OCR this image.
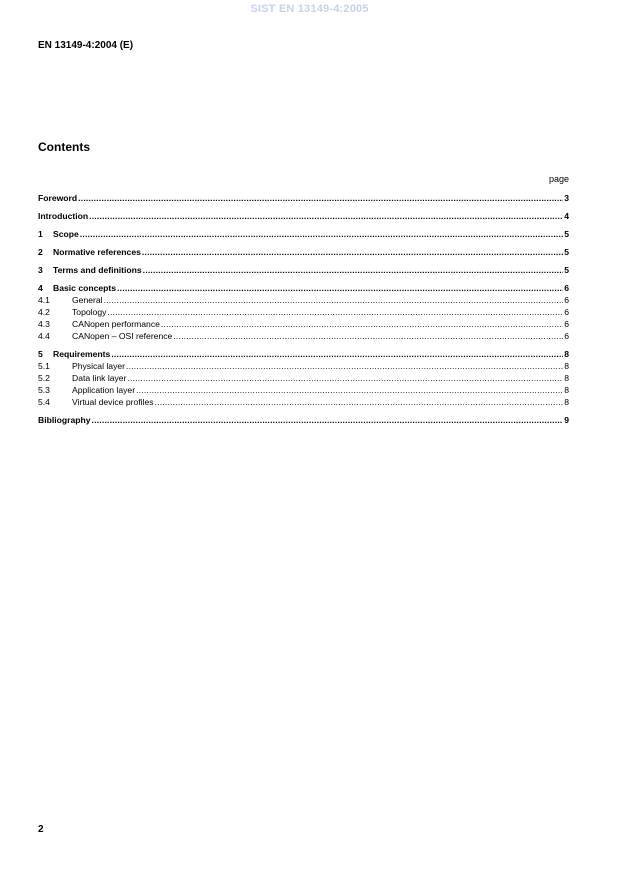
SIST EN 13149-4:2005
EN 13149-4:2004 (E)
Contents
page
Foreword .....	3
Introduction .....	4
1	Scope .....	5
2	Normative references .....	5
3	Terms and definitions .....	5
4	Basic concepts .....	6
4.1	General .....	6
4.2	Topology .....	6
4.3	CANopen performance .....	6
4.4	CANopen – OSI reference .....	6
5	Requirements .....	8
5.1	Physical layer .....	8
5.2	Data link layer .....	8
5.3	Application layer .....	8
5.4	Virtual device profiles .....	8
Bibliography .....	9
2
